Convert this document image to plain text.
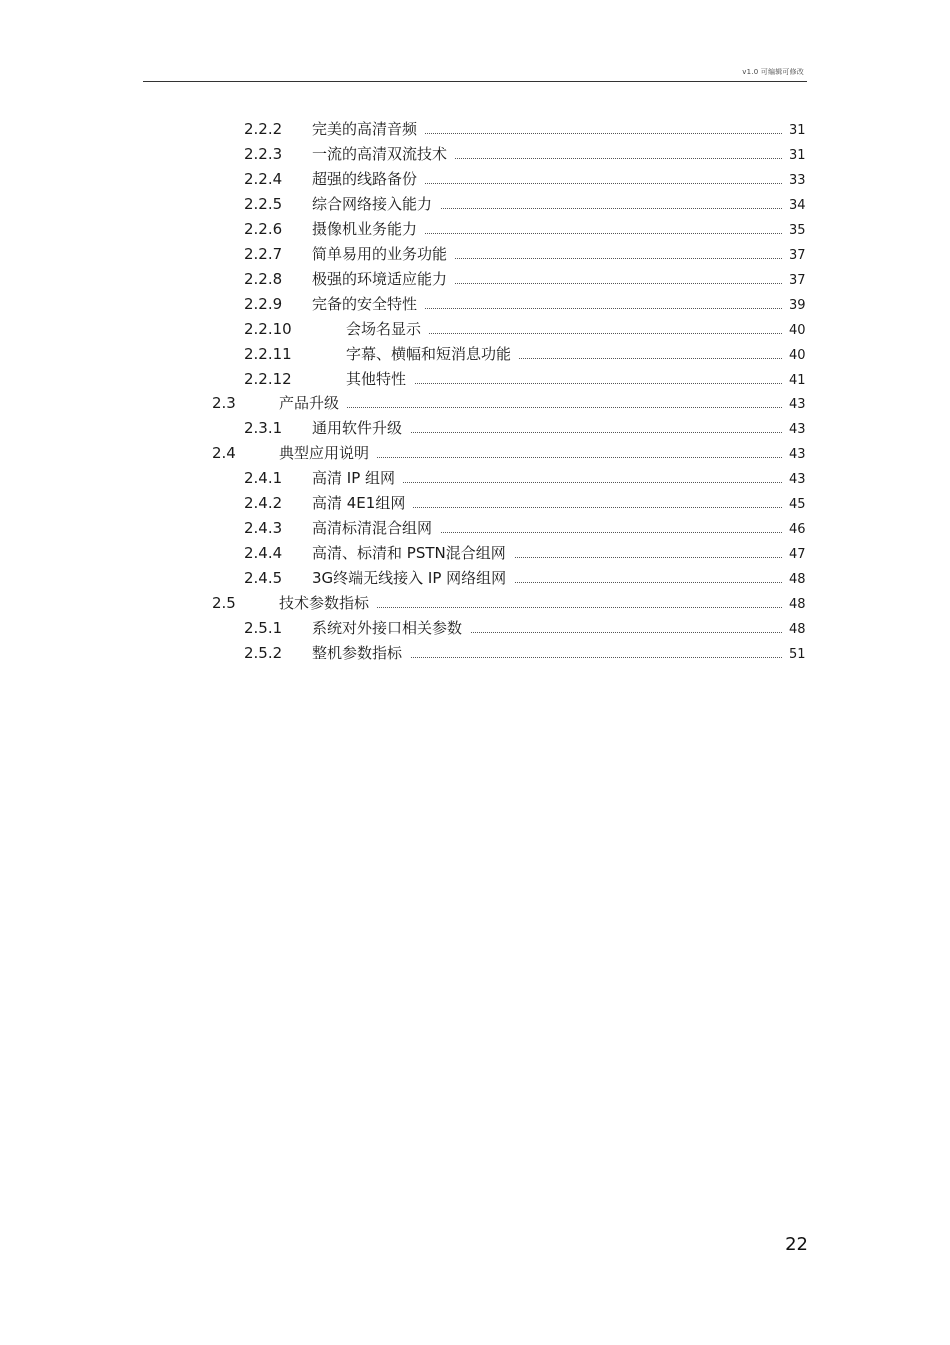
v1.0 可编辑可修改
2.2.2 完美的高清音频	31
2.2.3 一流的高清双流技术	31
2.2.4 超强的线路备份	33
2.2.5 综合网络接入能力	34
2.2.6 摄像机业务能力	35
2.2.7 简单易用的业务功能	37
2.2.8 极强的环境适应能力	37
2.2.9 完备的安全特性	39
2.2.10	会场名显示	40
2.2.11	字幕、横幅和短消息功能	40
2.2.12	其他特性	41
2.3	产品升级	43
2.3.1 通用软件升级	43
2.4	典型应用说明	43
2.4.1 高清 IP 组网	43
2.4.2 高清 4E1组网	45
2.4.3 高清标清混合组网	46
2.4.4 高清、标清和 PSTN混合组网	47
2.4.5 3G终端无线接入 IP 网络组网	48
2.5	技术参数指标	48
2.5.1 系统对外接口相关参数	48
2.5.2 整机参数指标	51
22
